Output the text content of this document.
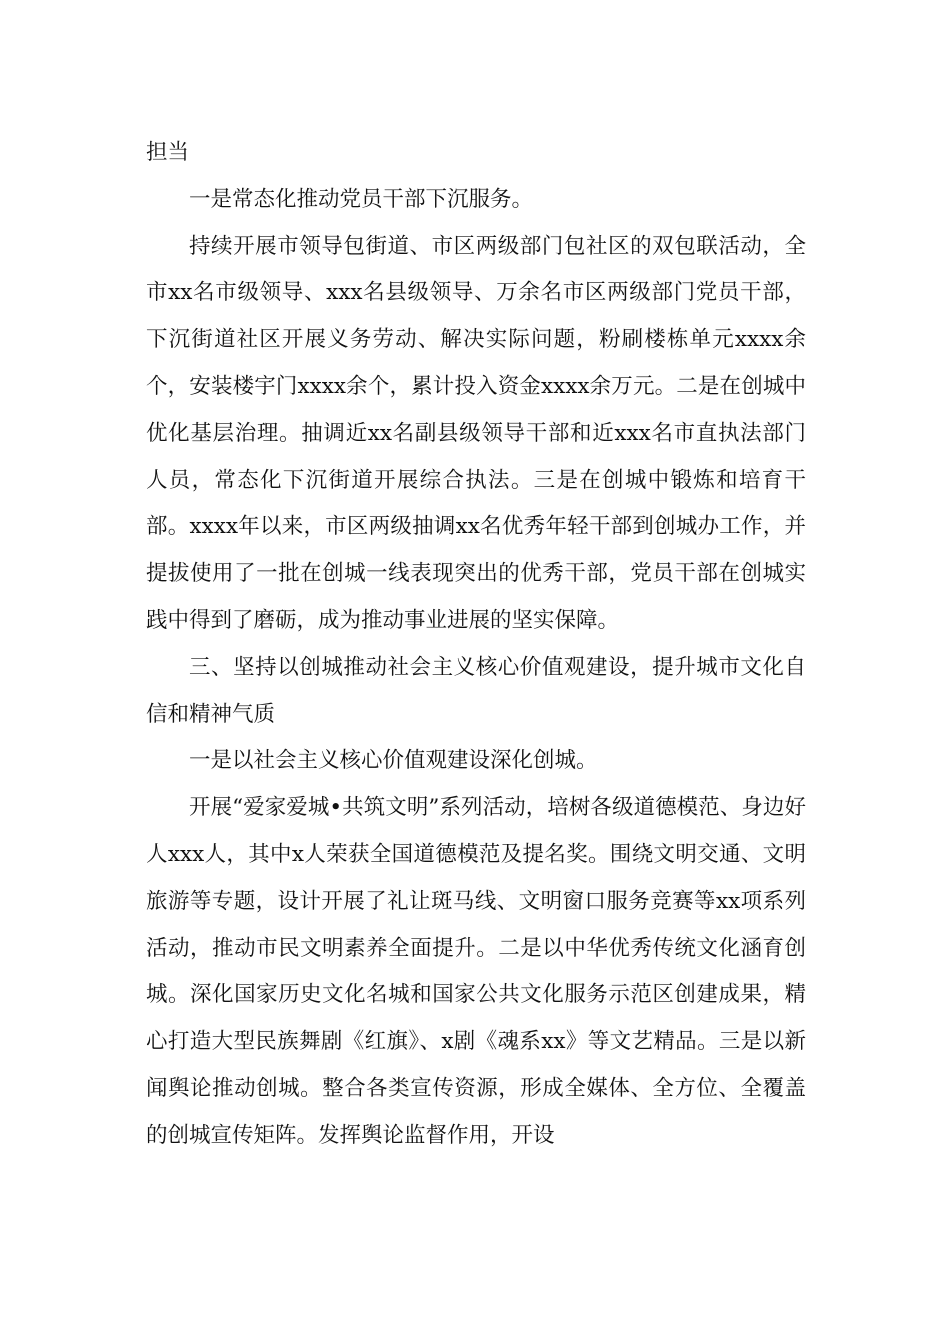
担当

一是常态化推动党员干部下沉服务。

持续开展市领导包街道、市区两级部门包社区的双包联活动，全市xx名市级领导、xxx名县级领导、万余名市区两级部门党员干部，下沉街道社区开展义务劳动、解决实际问题，粉刷楼栋单元xxxx余个，安装楼宇门xxxx余个，累计投入资金xxxx余万元。二是在创城中优化基层治理。抽调近xx名副县级领导干部和近xxx名市直执法部门人员，常态化下沉街道开展综合执法。三是在创城中锻炼和培育干部。xxxx年以来，市区两级抽调xx名优秀年轻干部到创城办工作，并提拔使用了一批在创城一线表现突出的优秀干部，党员干部在创城实践中得到了磨砺，成为推动事业进展的坚实保障。

三、坚持以创城推动社会主义核心价值观建设，提升城市文化自信和精神气质

一是以社会主义核心价值观建设深化创城。

开展“爱家爱城•共筑文明”系列活动，培树各级道德模范、身边好人xxx人，其中x人荣获全国道德模范及提名奖。围绕文明交通、文明旅游等专题，设计开展了礼让斑马线、文明窗口服务竞赛等xx项系列活动，推动市民文明素养全面提升。二是以中华优秀传统文化涵育创城。深化国家历史文化名城和国家公共文化服务示范区创建成果，精心打造大型民族舞剧《红旗》、x剧《魂系xx》等文艺精品。三是以新闻舆论推动创城。整合各类宣传资源，形成全媒体、全方位、全覆盖的创城宣传矩阵。发挥舆论监督作用，开设
